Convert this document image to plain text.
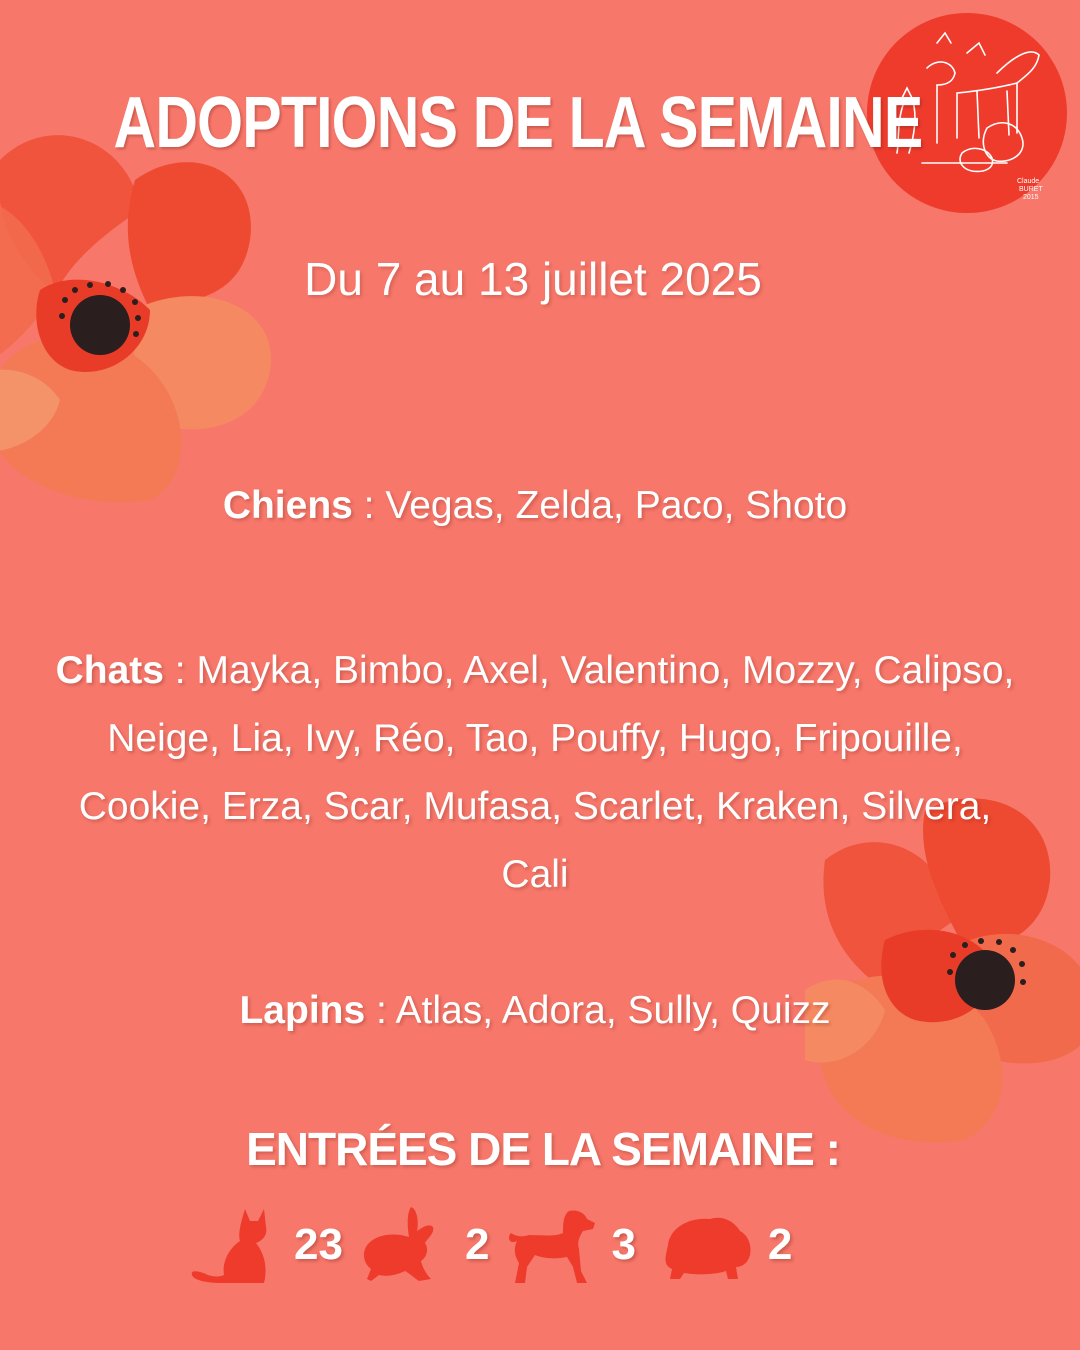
Claude
BURET
2015
ADOPTIONS DE LA SEMAINE
Du 7 au 13 juillet 2025
Chiens : Vegas, Zelda, Paco, Shoto
Chats : Mayka, Bimbo, Axel, Valentino, Mozzy, Calipso, Neige, Lia, Ivy, Réo, Tao, Pouffy, Hugo, Fripouille, Cookie, Erza, Scar, Mufasa, Scarlet, Kraken, Silvera, Cali
Lapins : Atlas, Adora, Sully, Quizz
ENTRÉES DE LA SEMAINE :
23	2	3	2
